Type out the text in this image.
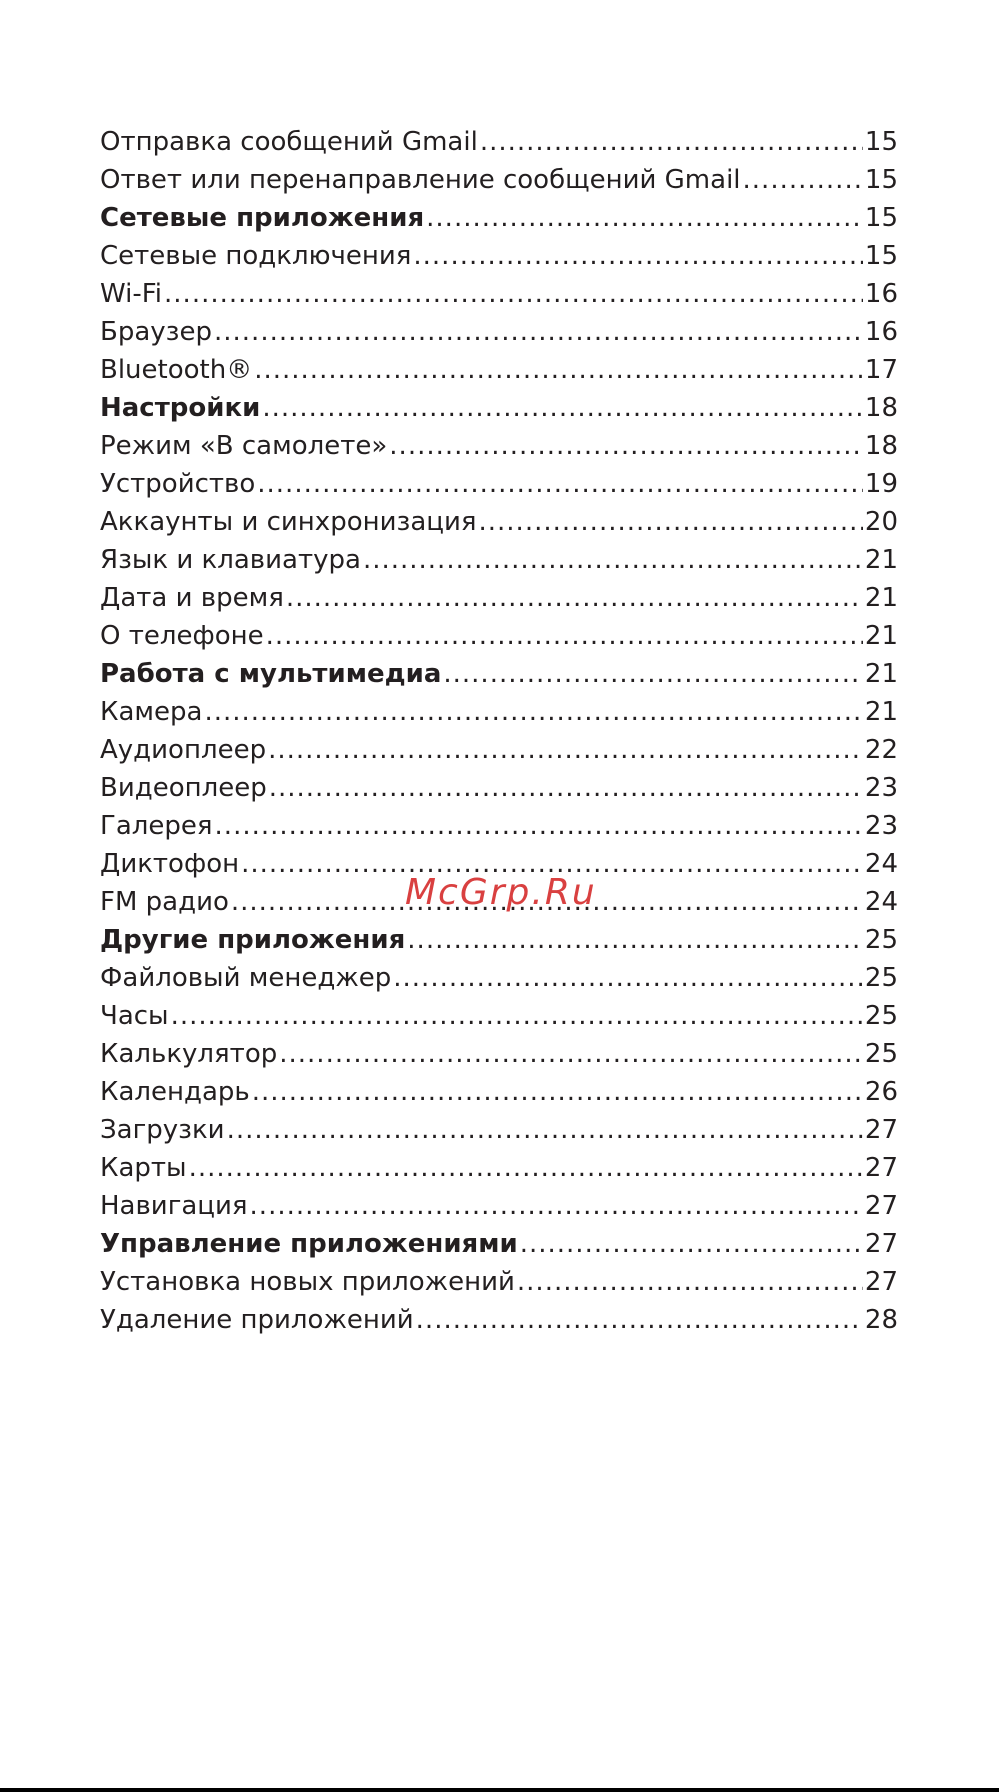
Отправка сообщений Gmail .....	15
Ответ или перенаправление сообщений Gmail .....	15
Сетевые приложения .....	15
Сетевые подключения .....	15
Wi-Fi .....	16
Браузер .....	16
Bluetooth® .....	17
Настройки .....	18
Режим «В самолете» .....	18
Устройство .....	19
Аккаунты и синхронизация .....	20
Язык и клавиатура .....	21
Дата и время .....	21
О телефоне .....	21
Работа с мультимедиа .....	21
Камера .....	21
Аудиоплеер .....	22
Видеоплеер .....	23
Галерея .....	23
Диктофон .....	24
FM радио .....	24
Другие приложения .....	25
Файловый менеджер .....	25
Часы .....	25
Калькулятор .....	25
Календарь .....	26
Загрузки .....	27
Карты .....	27
Навигация .....	27
Управление приложениями .....	27
Установка новых приложений .....	27
Удаление приложений .....	28
McGrp.Ru
